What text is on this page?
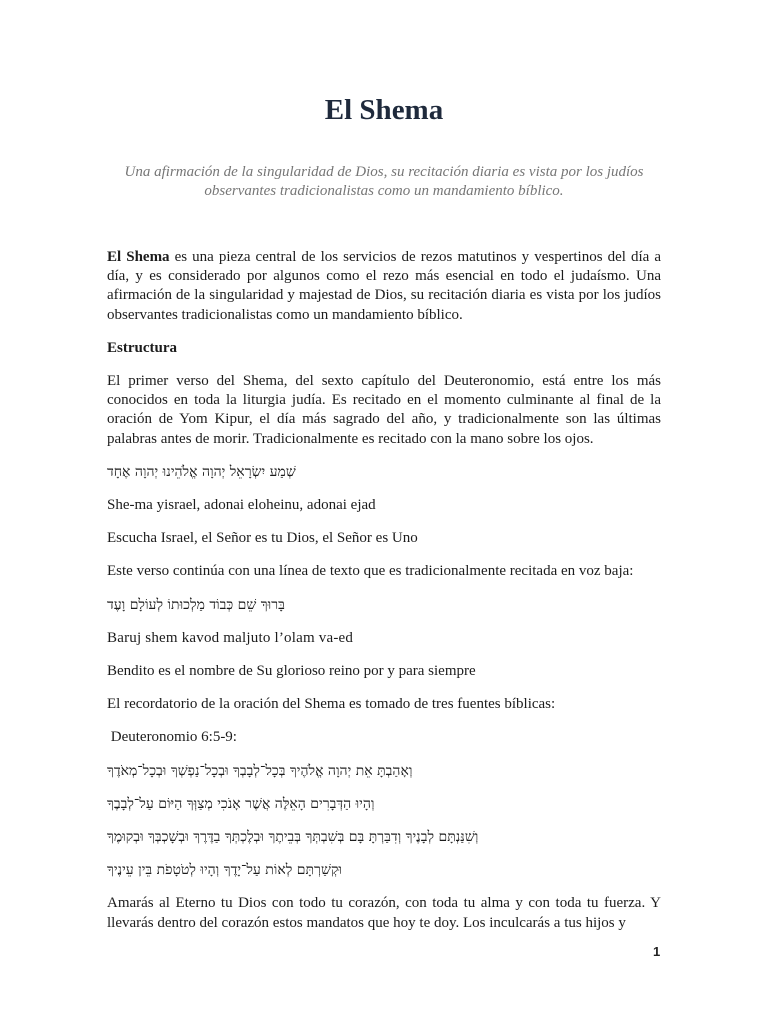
El Shema
Una afirmación de la singularidad de Dios, su recitación diaria es vista por los judíos observantes tradicionalistas como un mandamiento bíblico.

El Shema es una pieza central de los servicios de rezos matutinos y vespertinos del día a día, y es considerado por algunos como el rezo más esencial en todo el judaísmo. Una afirmación de la singularidad y majestad de Dios, su recitación diaria es vista por los judíos observantes tradicionalistas como un mandamiento bíblico.

Estructura

El primer verso del Shema, del sexto capítulo del Deuteronomio, está entre los más conocidos en toda la liturgia judía. Es recitado en el momento culminante al final de la oración de Yom Kipur, el día más sagrado del año, y tradicionalmente son las últimas palabras antes de morir. Tradicionalmente es recitado con la mano sobre los ojos.

שְׁמַע יִשְׂרָאֵל יְהוָה אֱלֹהֵינוּ יְהוָה אֶחָד

She-ma yisrael, adonai eloheinu, adonai ejad

Escucha Israel, el Señor es tu Dios, el Señor es Uno

Este verso continúa con una línea de texto que es tradicionalmente recitada en voz baja:

בָּרוּךְ שֵׁם כְּבוֹד מַלְכוּתוֹ לְעוֹלָם וָעֶד

Baruj shem kavod maljuto l’olam va-ed

Bendito es el nombre de Su glorioso reino por y para siempre

El recordatorio de la oración del Shema es tomado de tres fuentes bíblicas:

Deuteronomio 6:5-9:

וְאָהַבְתָּ אֵת יְהוָה אֱלֹהֶיךָ בְּכָל־לְבָבְךָ וּבְכָל־נַפְשְׁךָ וּבְכָל־מְאֹדֶךָ

וְהָיוּ הַדְּבָרִים הָאֵלֶּה אֲשֶׁר אָנֹכִי מְצַוְּךָ הַיּוֹם עַל־לְבָבֶךָ

וְשִׁנַּנְתָּם לְבָנֶיךָ וְדִבַּרְתָּ בָּם בְּשִׁבְתְּךָ בְּבֵיתֶךָ וּבְלֶכְתְּךָ בַדֶּרֶךְ וּבְשָׁכְבְּךָ וּבְקוּמֶךָ

וּקְשַׁרְתָּם לְאוֹת עַל־יָדֶךָ וְהָיוּ לְטֹטָפֹת בֵּין עֵינֶיךָ

Amarás al Eterno tu Dios con todo tu corazón, con toda tu alma y con toda tu fuerza. Y llevarás dentro del corazón estos mandatos que hoy te doy. Los inculcarás a tus hijos y

1
